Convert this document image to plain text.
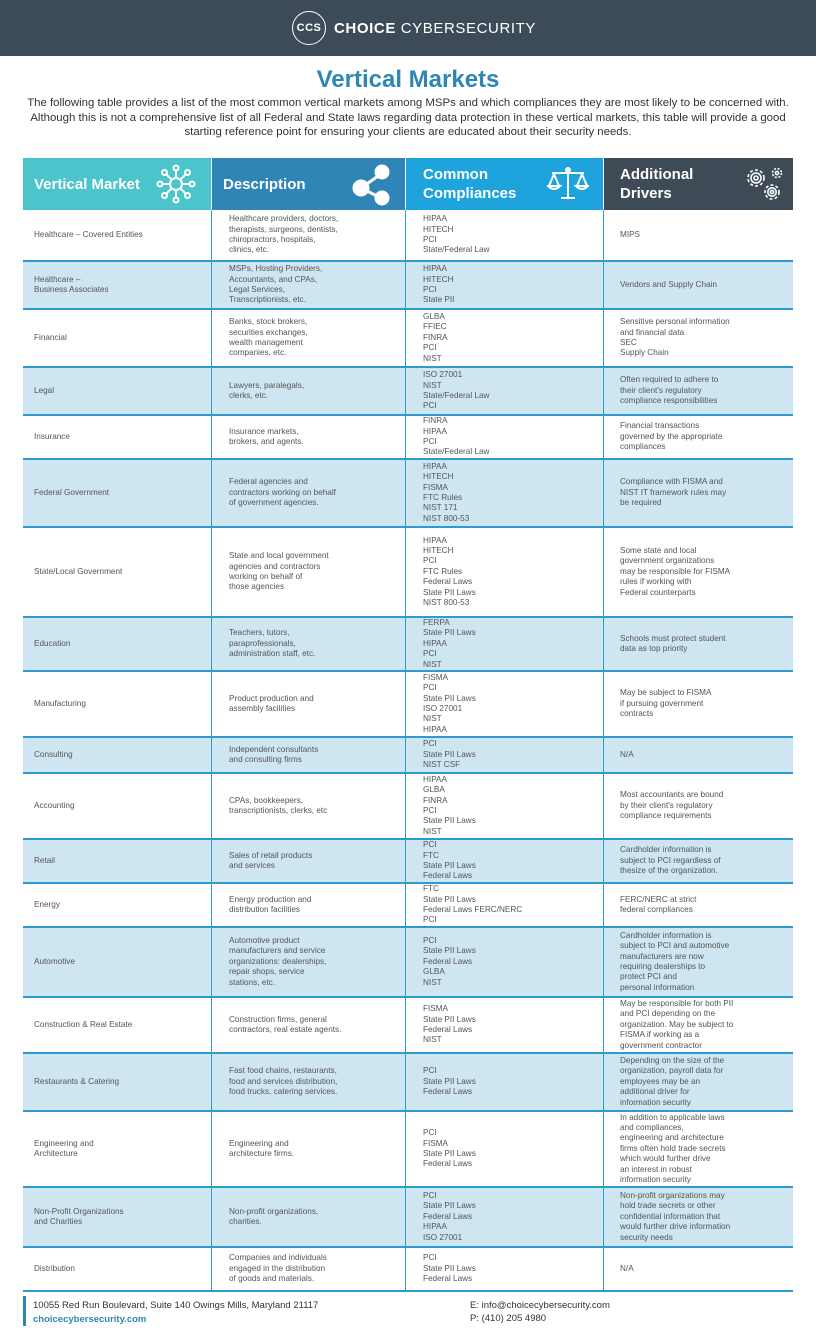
CCS CHOICE CYBERSECURITY
Vertical Markets

The following table provides a list of the most common vertical markets among MSPs and which compliances they are most likely to be concerned with. Although this is not a comprehensive list of all Federal and State laws regarding data protection in these vertical markets, this table will provide a good starting reference point for ensuring your clients are educated about their security needs.

Vertical Market	Description
Common
Compliances
Additional
Drivers
Healthcare – Covered Entities
Healthcare providers, doctors,
therapists, surgeons, dentists,
chiropractors, hospitals,
clinics, etc.
HIPAA
HITECH
PCI
State/Federal Law
MIPS
Healthcare –
Business Associates
MSPs, Hosting Providers,
Accountants, and CPAs,
Legal Services,
Transcriptionists, etc.
HIPAA
HITECH
PCI
State PII
Vendors and Supply Chain
Financial
Banks, stock brokers,
securities exchanges,
wealth management
companies, etc.
GLBA
FFIEC
FINRA
PCI
NIST
Sensitive personal information
and financial data
SEC
Supply Chain
Legal
Lawyers, paralegals,
clerks, etc.
ISO 27001
NIST
State/Federal Law
PCI
Often required to adhere to
their client's regulatory
compliance responsibilities
Insurance
Insurance markets,
brokers, and agents.
FINRA
HIPAA
PCI
State/Federal Law
Financial transactions
governed by the appropriate
compliances
Federal Government
Federal agencies and
contractors working on behalf
of government agencies.
HIPAA
HITECH
FISMA
FTC Rules
NIST 171
NIST 800-53
Compliance with FISMA and
NIST IT framework rules may
be required
State/Local Government
State and local government
agencies and contractors
working on behalf of
those agencies
HIPAA
HITECH
PCI
FTC Rules
Federal Laws
State PII Laws
NIST 800-53
Some state and local
government organizations
may be responsible for FISMA
rules if working with
Federal counterparts
Education
Teachers, tutors,
paraprofessionals,
administration staff, etc.
FERPA
State PII Laws
HIPAA
PCI
NIST
Schools must protect student
data as top priority
Manufacturing
Product production and
assembly facilities
FISMA
PCI
State PII Laws
ISO 27001
NIST
HIPAA
May be subject to FISMA
if pursuing government
contracts
Consulting
Independent consultants
and consulting firms
PCI
State PII Laws
NIST CSF
N/A
Accounting
CPAs, bookkeepers,
transcriptionists, clerks, etc
HIPAA
GLBA
FINRA
PCI
State PII Laws
NIST
Most accountants are bound
by their client's regulatory
compliance requirements
Retail
Sales of retail products
and services
PCI
FTC
State PII Laws
Federal Laws
Cardholder information is
subject to PCI regardless of
thesize of the organization.
Energy
Energy production and
distribution facilities
FTC
State PII Laws
Federal Laws FERC/NERC
PCI
FERC/NERC at strict
federal compliances
Automotive
Automotive product
manufacturers and service
organizations: dealerships,
repair shops, service
stations, etc.
PCI
State PII Laws
Federal Laws
GLBA
NIST
Cardholder information is
subject to PCI and automotive
manufacturers are now
requiring dealerships to
protect PCI and
personal information
Construction & Real Estate
Construction firms, general
contractors, real estate agents.
FISMA
State PII Laws
Federal Laws
NIST
May be responsible for both PII
and PCI depending on the
organization. May be subject to
FISMA if working as a
government contractor
Restaurants & Catering
Fast food chains, restaurants,
food and services distribution,
food trucks, catering services.
PCI
State PII Laws
Federal Laws
Depending on the size of the
organization, payroll data for
employees may be an
additional driver for
information security
Engineering and
Architecture
Engineering and
architecture firms.
PCI
FISMA
State PII Laws
Federal Laws
In addition to applicable laws
and compliances,
engineering and architecture
firms often hold trade secrets
which would further drive
an interest in robust
information security
Non-Profit Organizations
and Charities
Non-profit organizations,
charities.
PCI
State PII Laws
Federal Laws
HIPAA
ISO 27001
Non-profit organizations may
hold trade secrets or other
confidential information that
would further drive information
security needs
Distribution
Companies and individuals
engaged in the distribution
of goods and materials.
PCI
State PII Laws
Federal Laws
N/A
10055 Red Run Boulevard, Suite 140 Owings Mills, Maryland 21117
choicecybersecurity.com
E: info@choicecybersecurity.com
P: (410) 205 4980
